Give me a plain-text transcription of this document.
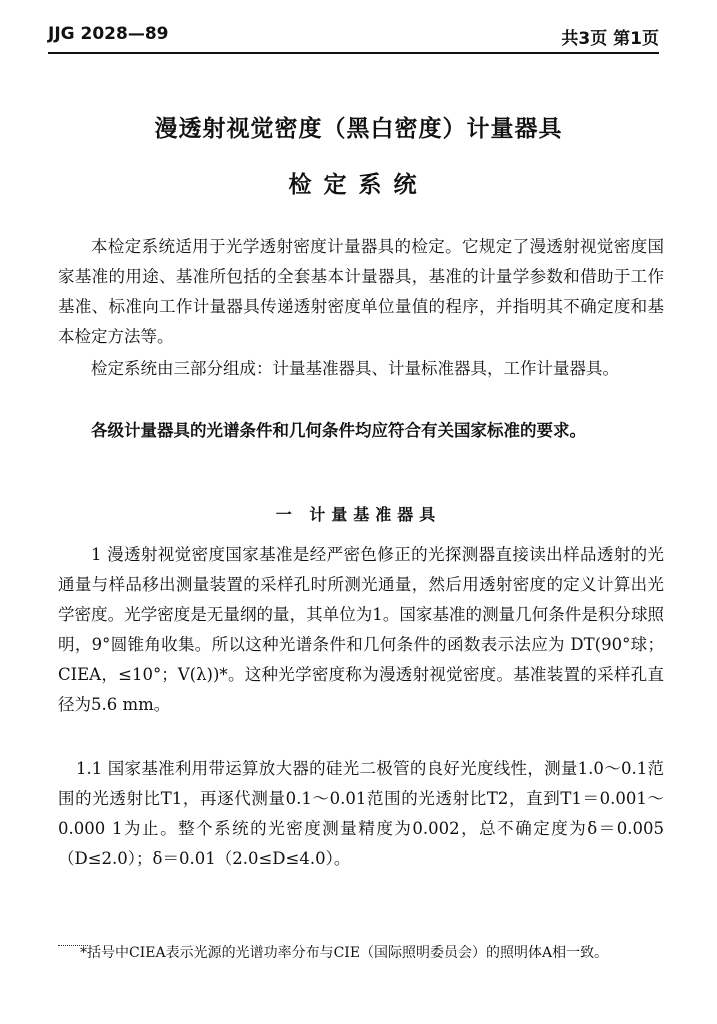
JJG 2028—89	共3页 第1页
漫透射视觉密度（黑白密度）计量器具
检定系统

本检定系统适用于光学透射密度计量器具的检定。它规定了漫透射视觉密度国家基准的用途、基准所包括的全套基本计量器具，基准的计量学参数和借助于工作基准、标准向工作计量器具传递透射密度单位量值的程序，并指明其不确定度和基本检定方法等。

检定系统由三部分组成：计量基准器具、计量标准器具，工作计量器具。

各级计量器具的光谱条件和几何条件均应符合有关国家标准的要求。

一 计量基准器具

1 漫透射视觉密度国家基准是经严密色修正的光探测器直接读出样品透射的光通量与样品移出测量装置的采样孔时所测光通量，然后用透射密度的定义计算出光学密度。光学密度是无量纲的量，其单位为1。国家基准的测量几何条件是积分球照明，9°圆锥角收集。所以这种光谱条件和几何条件的函数表示法应为 DT(90°球；CIEA，≤10°；V(λ))*。这种光学密度称为漫透射视觉密度。基准装置的采样孔直径为5.6 mm。

1.1 国家基准利用带运算放大器的硅光二极管的良好光度线性，测量1.0～0.1范围的光透射比T1，再逐代测量0.1～0.01范围的光透射比T2，直到T1＝0.001～0.000 1为止。整个系统的光密度测量精度为0.002，总不确定度为δ＝0.005（D≤2.0）；δ＝0.01（2.0≤D≤4.0）。

*括号中CIEA表示光源的光谱功率分布与CIE（国际照明委员会）的照明体A相一致。
